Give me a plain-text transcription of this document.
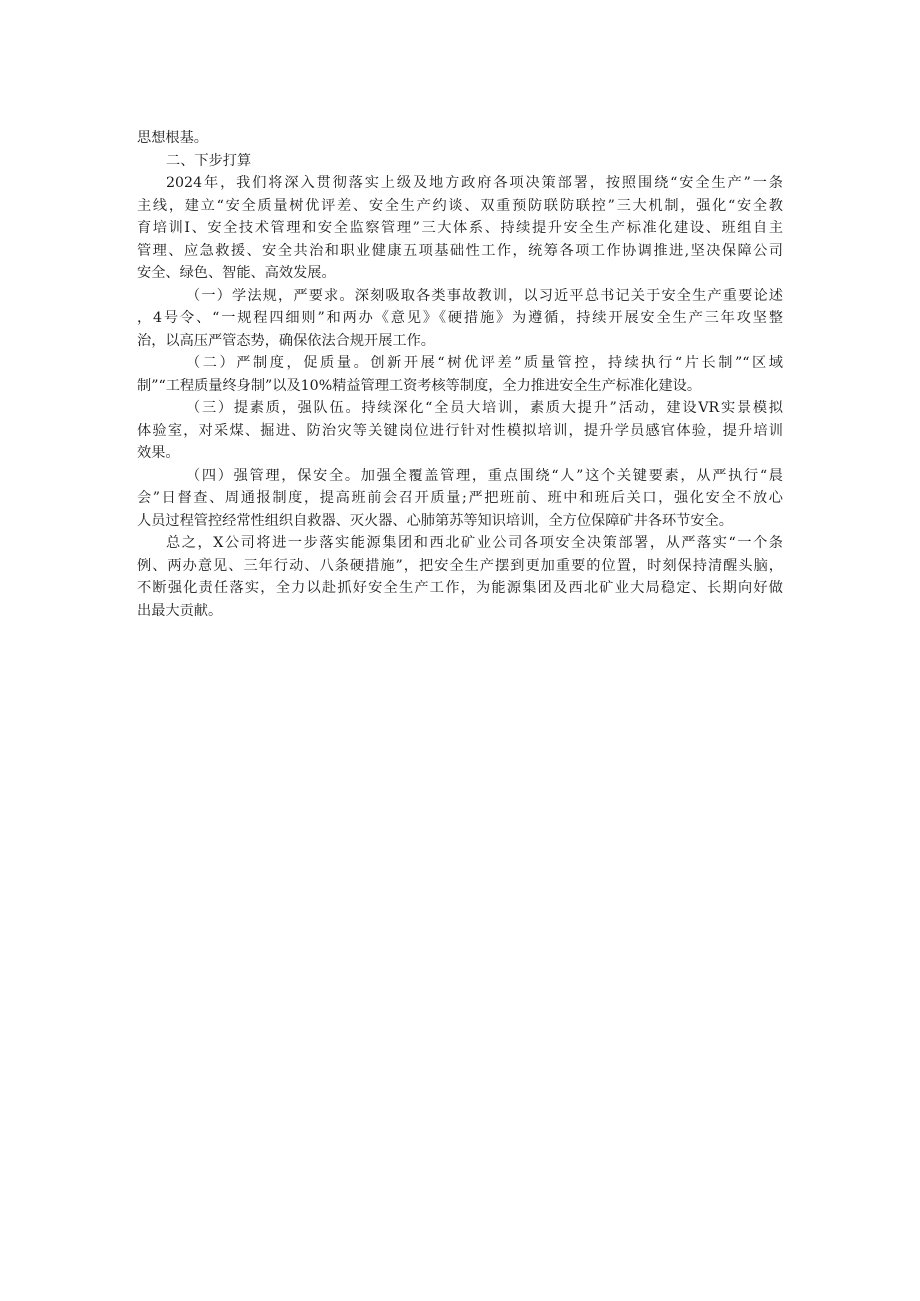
思想根基。
二、下步打算
2024年，我们将深入贯彻落实上级及地方政府各项决策部署，按照围绕“安全生产”一条
主线，建立“安全质量树优评差、安全生产约谈、双重预防联防联控”三大机制，强化“安全教
育培训I、安全技术管理和安全监察管理”三大体系、持续提升安全生产标准化建设、班组自主
管理、应急救援、安全共治和职业健康五项基础性工作，统筹各项工作协调推进,坚决保障公司
安全、绿色、智能、高效发展。
（一）学法规，严要求。深刻吸取各类事故教训，以习近平总书记关于安全生产重要论述
，4号令、“一规程四细则”和两办《意见》《硬措施》为遵循，持续开展安全生产三年攻坚整
治，以高压严管态势，确保依法合规开展工作。
（二）严制度，促质量。创新开展“树优评差”质量管控，持续执行“片长制”“区域
制”“工程质量终身制”以及10%精益管理工资考核等制度，全力推进安全生产标准化建设。
（三）提素质，强队伍。持续深化“全员大培训，素质大提升”活动，建设VR实景模拟
体验室，对采煤、掘进、防治灾等关键岗位进行针对性模拟培训，提升学员感官体验，提升培训
效果。
（四）强管理，保安全。加强全覆盖管理，重点围绕“人”这个关键要素，从严执行“晨
会”日督查、周通报制度，提高班前会召开质量;严把班前、班中和班后关口，强化安全不放心
人员过程管控经常性组织自救器、灭火器、心肺第苏等知识培训，全方位保障矿井各环节安全。
总之，X公司将进一步落实能源集团和西北矿业公司各项安全决策部署，从严落实“一个条
例、两办意见、三年行动、八条硬措施”，把安全生产摆到更加重要的位置，时刻保持清醒头脑，
不断强化责任落实，全力以赴抓好安全生产工作，为能源集团及西北矿业大局稳定、长期向好做
出最大贡献。
